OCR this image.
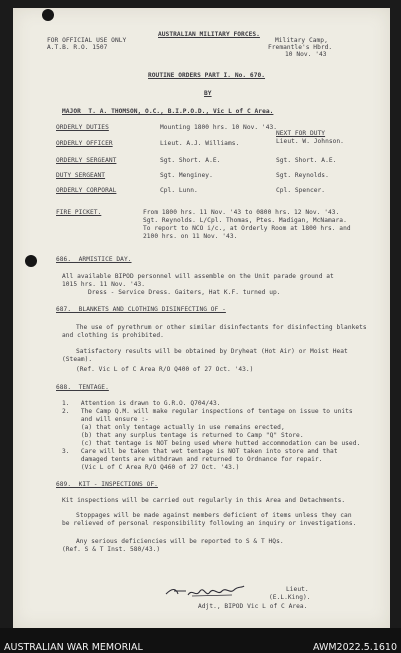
FOR OFFICIAL USE ONLY
A.T.B. R.O. 1507
AUSTRALIAN MILITARY FORCES.
Military Camp,
Fremantle's Hbrd.
10 Nov. '43
ROUTINE ORDERS PART I. No. 670.
BY
MAJOR  T. A. THOMSON, O.C., B.I.P.O.D., Vic L of C Area.
NEXT FOR DUTY
ORDERLY DUTIES	Mounting 1800 hrs. 10 Nov. '43.
ORDERLY OFFICER	Lieut. A.J. Williams.	Lieut. W. Johnson.
ORDERLY SERGEANT	Sgt. Short. A.E.	Sgt. Short. A.E.
DUTY SERGEANT	Sgt. Menginey.	Sgt. Reynolds.
ORDERLY CORPORAL	Cpl. Lunn.	Cpl. Spencer.
FIRE PICKET.	From 1800 hrs. 11 Nov. '43 to 0800 hrs. 12 Nov. '43.
Sgt. Reynolds. L/Cpl. Thomas, Ptes. Madigan, McNamara.
To report to NCO i/c., at Orderly Room at 1800 hrs. and
2100 hrs. on 11 Nov. '43.
686.  ARMISTICE DAY.
All available BIPOD personnel will assemble on the Unit parade ground at
1015 hrs. 11 Nov. '43.
Dress - Service Dress. Gaiters, Hat K.F. turned up.
687.  BLANKETS AND CLOTHING DISINFECTING OF -
The use of pyrethrum or other similar disinfectants for disinfecting blankets
and clothing is prohibited.
Satisfactory results will be obtained by Dryheat (Hot Air) or Moist Heat
(Steam).
(Ref. Vic L of C Area R/O Q400 of 27 Oct. '43.)
688.  TENTAGE.
1.   Attention is drawn to G.R.O. Q704/43.
2.   The Camp Q.M. will make regular inspections of tentage on issue to units
and will ensure :-
(a) that only tentage actually in use remains erected,
(b) that any surplus tentage is returned to Camp "Q" Store.
(c) that tentage is NOT being used where hutted accommodation can be used.
3.   Care will be taken that wet tentage is NOT taken into store and that
damaged tents are withdrawn and returned to Ordnance for repair.
(Vic L of C Area R/O Q460 of 27 Oct. '43.)
689.  KIT - INSPECTIONS OF.
Kit inspections will be carried out regularly in this Area and Detachments.
Stoppages will be made against members deficient of items unless they can
be relieved of personal responsibility following an inquiry or investigations.
Any serious deficiencies will be reported to S & T HQs.
(Ref. S & T Inst. 580/43.)
Lieut.
(E.L.King).
Adjt., BIPOD Vic L of C Area.
AUSTRALIAN WAR MEMORIAL	AWM2022.5.1610
